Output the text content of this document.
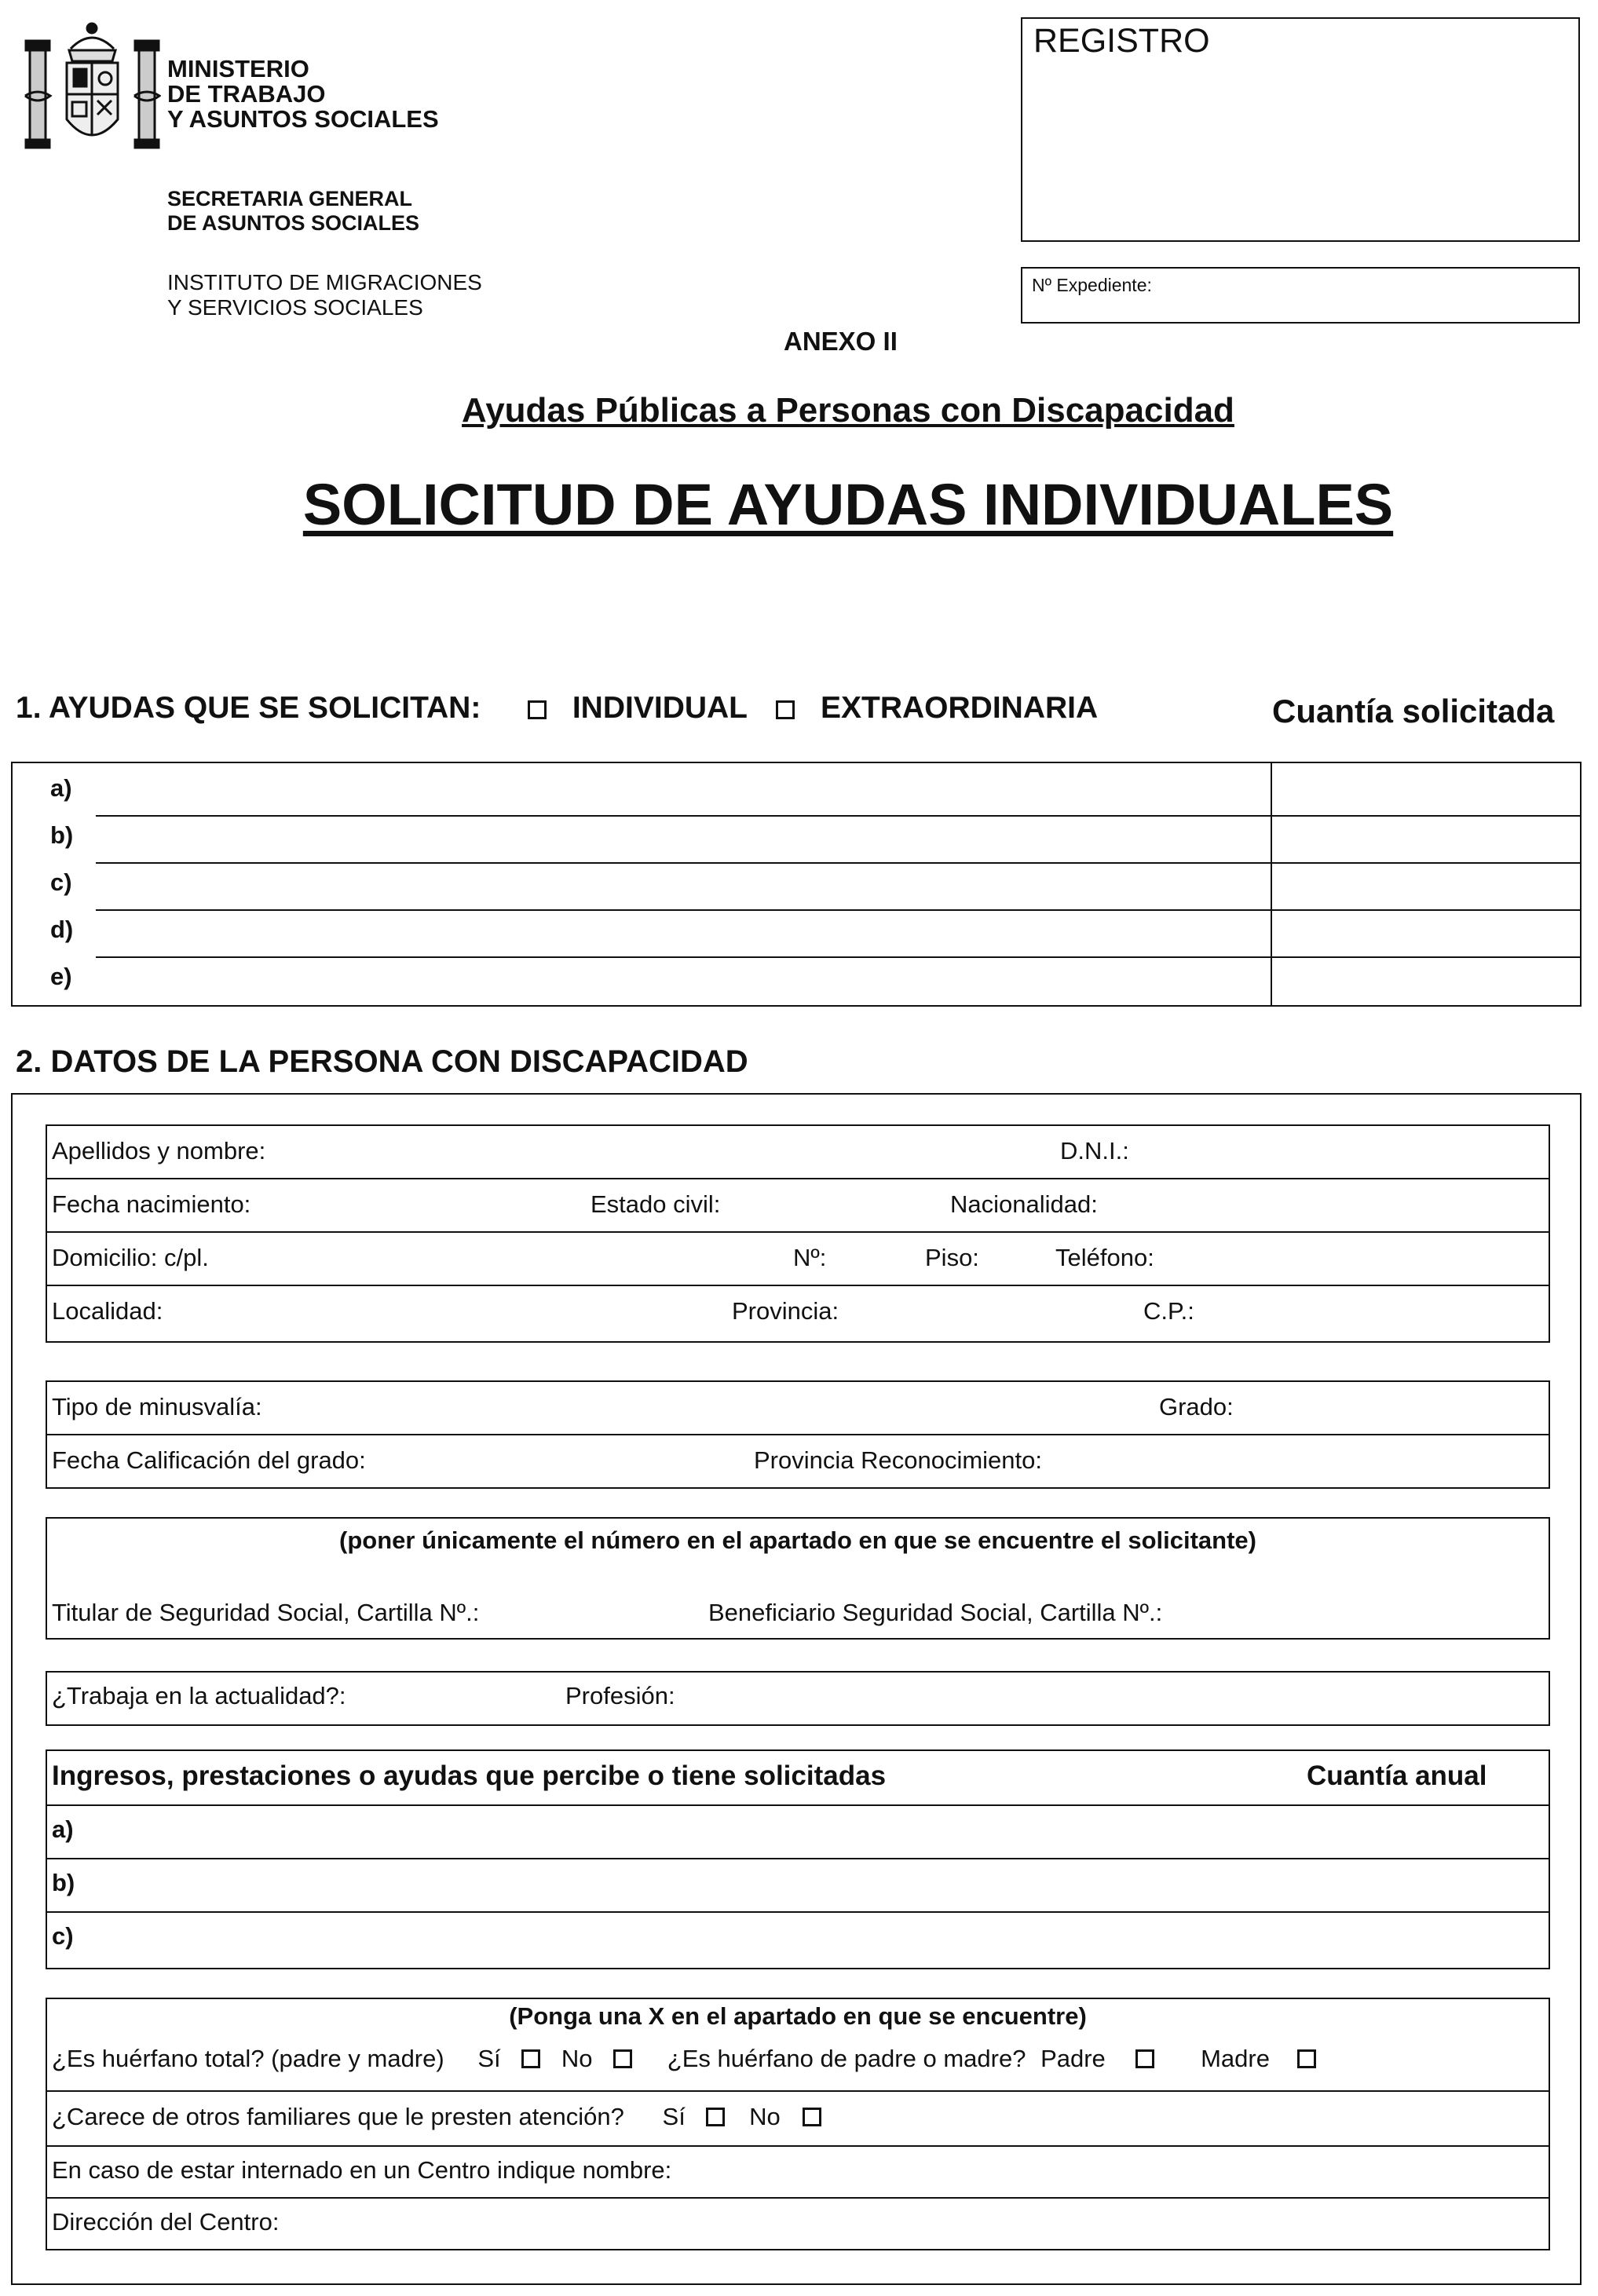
MINISTERIO
DE TRABAJO
Y ASUNTOS SOCIALES
SECRETARIA GENERAL
DE ASUNTOS SOCIALES
INSTITUTO DE MIGRACIONES
Y SERVICIOS SOCIALES
REGISTRO
Nº Expediente:
ANEXO II
Ayudas Públicas a Personas con Discapacidad
SOLICITUD DE AYUDAS INDIVIDUALES
1. AYUDAS QUE SE SOLICITAN:	INDIVIDUAL EXTRAORDINARIA	Cuantía solicitada
a)
b)
c)
d)
e)
2. DATOS DE LA PERSONA CON DISCAPACIDAD
Apellidos y nombre:	D.N.I.:
Fecha nacimiento:	Estado civil:	Nacionalidad:
Domicilio: c/pl.	Nº:	Piso:	Teléfono:
Localidad:	Provincia:	C.P.:
Tipo de minusvalía:	Grado:
Fecha Calificación del grado:	Provincia Reconocimiento:
(poner únicamente el número en el apartado en que se encuentre el solicitante)
Titular de Seguridad Social, Cartilla Nº.:	Beneficiario Seguridad Social, Cartilla Nº.:
¿Trabaja en la actualidad?:	Profesión:
Ingresos, prestaciones o ayudas que percibe o tiene solicitadas	Cuantía anual
a)
b)
c)
(Ponga una X en el apartado en que se encuentre)
¿Es huérfano total? (padre y madre) Sí No	¿Es huérfano de padre o madre? Padre	Madre
¿Carece de otros familiares que le presten atención? Sí	No
En caso de estar internado en un Centro indique nombre:
Dirección del Centro:
